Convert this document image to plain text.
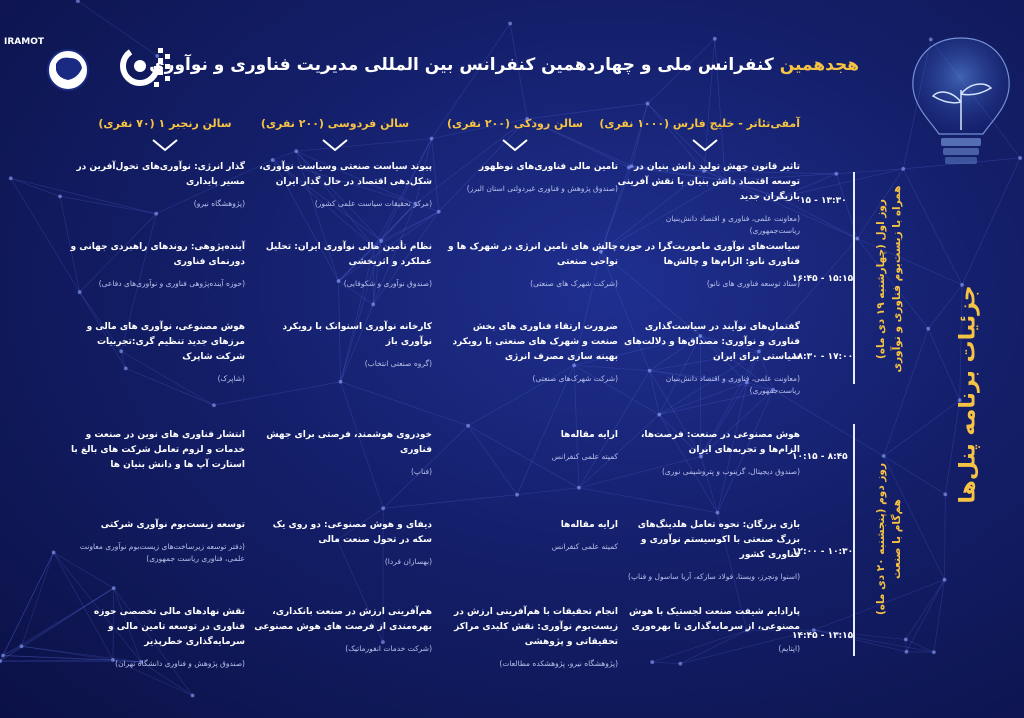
IRAMOT
هجدهمین کنفرانس ملی و چهاردهمین کنفرانس بین المللی مدیریت فناوری و نوآوری
جزئیات برنامه پنل‌ها
آمفی‌تئاتر - خلیج فارس (۱۰۰۰ نفری)
سالن رودکی (۲۰۰ نفری)
سالن فردوسی (۲۰۰ نفری)
سالن رنجبر ۱ (۷۰ نفری)
روز اول (چهارشنبه ۱۹ دی ماه) همراه با زیست‌بوم فناوری و نوآوری
روز دوم (پنجشنبه ۲۰ دی ماه) هم‌گام با صنعت
۱۵ - ۱۳:۳۰
۱۶:۴۵ - ۱۵:۱۵
۱۸:۳۰ - ۱۷:۰۰
۱۰:۱۵ - ۸:۴۵
۱۲:۰۰ - ۱۰:۳۰
۱۴:۴۵ - ۱۳:۱۵
تاثیر قانون جهش تولید دانش بنیان در توسعه اقتصاد دانش بنیان با نقش آفرینی بازیگران جدید
(معاونت علمی، فناوری و اقتصاد دانش‌بنیان ریاست‌جمهوری)
تامین مالی فناوری‌های نوظهور
(صندوق پژوهش و فناوری غیردولتی استان البرز)
پیوند سیاست صنعتی وسیاست نوآوری، شکل‌دهی اقتصاد در حال گذار ایران
(مرکز تحقیقات سیاست علمی کشور)
گذار انرژی: نوآوری‌های تحول‌آفرین در مسیر پایداری
(پژوهشگاه نیرو)
سیاست‌های نوآوری ماموریت‌گرا در حوزه فناوری نانو: الزام‌ها و چالش‌ها
(ستاد توسعه فناوری های نانو)
چالش های تامین انرژی در شهرک ها و نواحی صنعتی
(شرکت شهرک های صنعتی)
نظام تأمین مالی نوآوری ایران: تحلیل عملکرد و اثربخشی
(صندوق نوآوری و شکوفایی)
آینده‌پژوهی: روندهای راهبردی جهانی و دورنمای فناوری
(حوزه آینده‌پژوهی فناوری و نوآوری‌های دفاعی)
گفتمان‌های نوآیند در سیاست‌گذاری فناوری و نوآوری: مصداق‌ها و دلالت‌های سیاستی برای ایران
(معاونت علمی، فناوری و اقتصاد دانش‌بنیان ریاست‌جمهوری)
ضرورت ارتقاء فناوری های بخش صنعت و شهرک های صنعتی با رویکرد بهینه سازی مصرف انرژی
(شرکت شهرک‌های صنعتی)
کارخانه نوآوری اسنوانک با رویکرد نوآوری باز
(گروه صنعتی انتخاب)
هوش مصنوعی، نوآوری های مالی و مرزهای جدید تنظیم گری:تجربیات شرکت شاپرک
(شاپرک)
هوش مصنوعی در صنعت: فرصت‌ها، الزام‌ها و تجربه‌های ایران
(صندوق دیجیتال، گزینوب و پتروشیمی نوری)
ارایه مقاله‌ها
کمیته علمی کنفرانس
خودروی هوشمند، فرصتی برای جهش فناوری
(فناپ)
انتشار فناوری های نوین در صنعت و خدمات و لزوم تعامل شرکت های بالغ با استارت آپ ها و دانش بنیان ها
بازی بزرگان: نحوه تعامل هلدینگ‌های بزرگ صنعتی با اکوسیستم نوآوری و فناوری کشور
(اسنوا ونچرز، ویستا، فولاد سازکه، آریا ساسول و فناپ)
ارایه مقاله‌ها
کمیته علمی کنفرانس
دیفای و هوش مصنوعی: دو روی یک سکه در تحول صنعت مالی
(بهسازان فردا)
توسعه زیست‌بوم نوآوری شرکتی
(دفتر توسعه زیرساخت‌های زیست‌بوم نوآوری معاونت علمی، فناوری ریاست جمهوری)
پارادایم شیفت صنعت لجستیک با هوش مصنوعی، از سرمایه‌گذاری تا بهره‌وری
(اپتایم)
انجام تحقیقات با هم‌آفرینی ارزش در زیست‌بوم نوآوری: نقش کلیدی مراکز تحقیقاتی و پژوهشی
(پژوهشگاه نیرو، پژوهشکده مطالعات)
هم‌آفرینی ارزش در صنعت بانکداری، بهره‌مندی از فرصت های هوش مصنوعی
(شرکت خدمات انفورماتیک)
نقش نهادهای مالی تخصصی حوزه فناوری در توسعه تامین مالی و سرمایه‌گذاری خطرپذیر
(صندوق پژوهش و فناوری دانشگاه تهران)
